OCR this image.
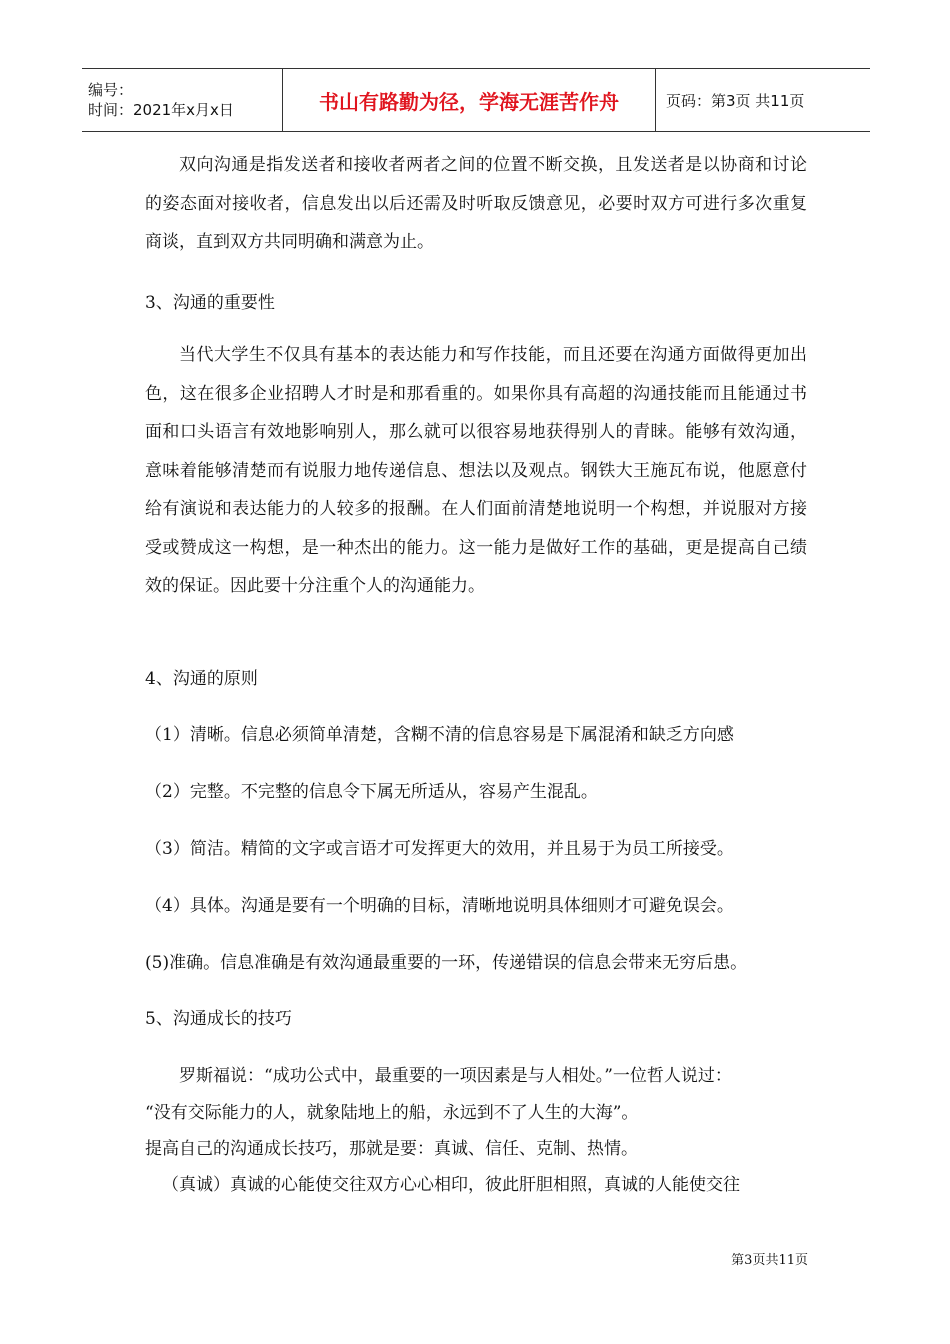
编号：
时间：2021年x月x日	书山有路勤为径，学海无涯苦作舟	页码：第3页 共11页

双向沟通是指发送者和接收者两者之间的位置不断交换，且发送者是以协商和讨论的姿态面对接收者，信息发出以后还需及时听取反馈意见，必要时双方可进行多次重复商谈，直到双方共同明确和满意为止。

3、沟通的重要性

当代大学生不仅具有基本的表达能力和写作技能，而且还要在沟通方面做得更加出色，这在很多企业招聘人才时是和那看重的。如果你具有高超的沟通技能而且能通过书面和口头语言有效地影响别人，那么就可以很容易地获得别人的青睐。能够有效沟通，意味着能够清楚而有说服力地传递信息、想法以及观点。钢铁大王施瓦布说，他愿意付给有演说和表达能力的人较多的报酬。在人们面前清楚地说明一个构想，并说服对方接受或赞成这一构想，是一种杰出的能力。这一能力是做好工作的基础，更是提高自己绩效的保证。因此要十分注重个人的沟通能力。

4、沟通的原则

（1）清晰。信息必须简单清楚，含糊不清的信息容易是下属混淆和缺乏方向感

（2）完整。不完整的信息令下属无所适从，容易产生混乱。

（3）简洁。精简的文字或言语才可发挥更大的效用，并且易于为员工所接受。

（4）具体。沟通是要有一个明确的目标，清晰地说明具体细则才可避免误会。

(5)准确。信息准确是有效沟通最重要的一环，传递错误的信息会带来无穷后患。

5、沟通成长的技巧

罗斯福说：“成功公式中，最重要的一项因素是与人相处。”一位哲人说过：

“没有交际能力的人，就象陆地上的船，永远到不了人生的大海”。

提高自己的沟通成长技巧，那就是要：真诚、信任、克制、热情。

（真诚）真诚的心能使交往双方心心相印，彼此肝胆相照，真诚的人能使交往

第3页共11页
